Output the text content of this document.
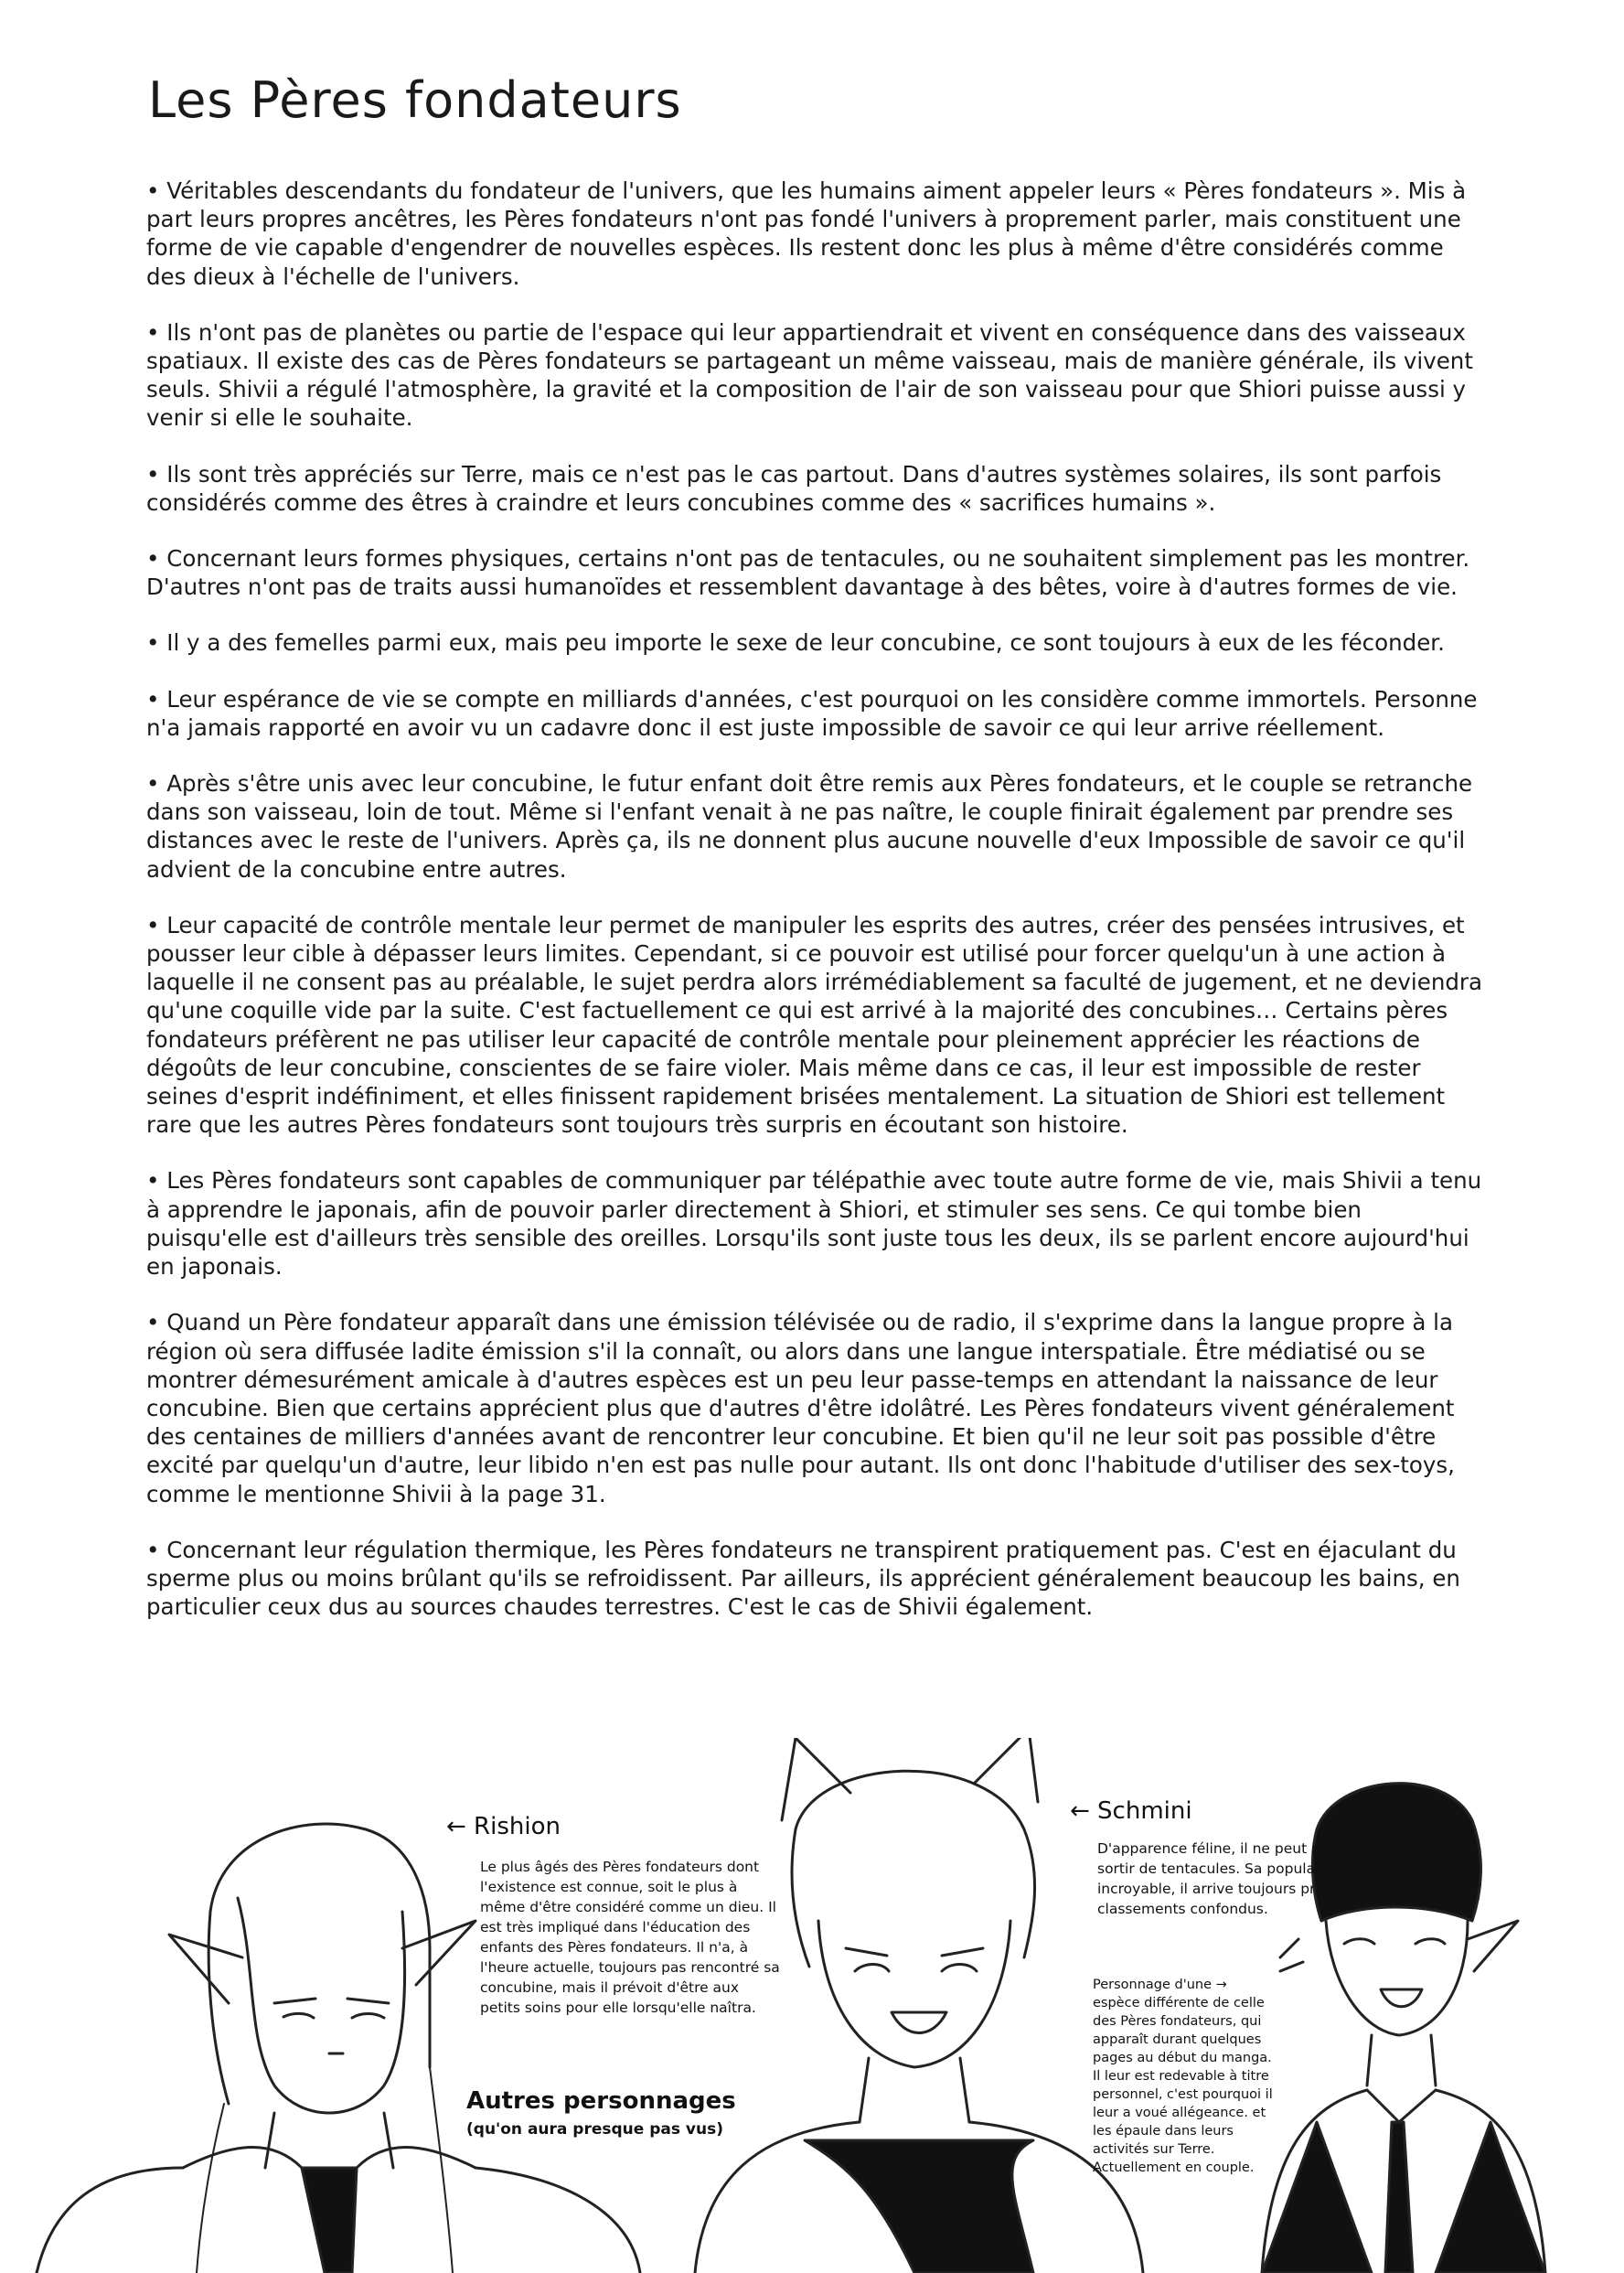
Les Pères fondateurs

• Véritables descendants du fondateur de l'univers, que les humains aiment appeler leurs « Pères fondateurs ». Mis à part leurs propres ancêtres, les Pères fondateurs n'ont pas fondé l'univers à proprement parler, mais constituent une forme de vie capable d'engendrer de nouvelles espèces. Ils restent donc les plus à même d'être considérés comme des dieux à l'échelle de l'univers.

• Ils n'ont pas de planètes ou partie de l'espace qui leur appartiendrait et vivent en conséquence dans des vaisseaux spatiaux. Il existe des cas de Pères fondateurs se partageant un même vaisseau, mais de manière générale, ils vivent seuls. Shivii a régulé l'atmosphère, la gravité et la composition de l'air de son vaisseau pour que Shiori puisse aussi y venir si elle le souhaite.

• Ils sont très appréciés sur Terre, mais ce n'est pas le cas partout. Dans d'autres systèmes solaires, ils sont parfois considérés comme des êtres à craindre et leurs concubines comme des « sacrifices humains ».

• Concernant leurs formes physiques, certains n'ont pas de tentacules, ou ne souhaitent simplement pas les montrer. D'autres n'ont pas de traits aussi humanoïdes et ressemblent davantage à des bêtes, voire à d'autres formes de vie.

• Il y a des femelles parmi eux, mais peu importe le sexe de leur concubine, ce sont toujours à eux de les féconder.

• Leur espérance de vie se compte en milliards d'années, c'est pourquoi on les considère comme immortels. Personne n'a jamais rapporté en avoir vu un cadavre donc il est juste impossible de savoir ce qui leur arrive réellement.

• Après s'être unis avec leur concubine, le futur enfant doit être remis aux Pères fondateurs, et le couple se retranche dans son vaisseau, loin de tout. Même si l'enfant venait à ne pas naître, le couple finirait également par prendre ses distances avec le reste de l'univers. Après ça, ils ne donnent plus aucune nouvelle d'eux Impossible de savoir ce qu'il advient de la concubine entre autres.

• Leur capacité de contrôle mentale leur permet de manipuler les esprits des autres, créer des pensées intrusives, et pousser leur cible à dépasser leurs limites. Cependant, si ce pouvoir est utilisé pour forcer quelqu'un à une action à laquelle il ne consent pas au préalable, le sujet perdra alors irrémédiablement sa faculté de jugement, et ne deviendra qu'une coquille vide par la suite. C'est factuellement ce qui est arrivé à la majorité des concubines… Certains pères fondateurs préfèrent ne pas utiliser leur capacité de contrôle mentale pour pleinement apprécier les réactions de dégoûts de leur concubine, conscientes de se faire violer. Mais même dans ce cas, il leur est impossible de rester seines d'esprit indéfiniment, et elles finissent rapidement brisées mentalement. La situation de Shiori est tellement rare que les autres Pères fondateurs sont toujours très surpris en écoutant son histoire.

• Les Pères fondateurs sont capables de communiquer par télépathie avec toute autre forme de vie, mais Shivii a tenu à apprendre le japonais, afin de pouvoir parler directement à Shiori, et stimuler ses sens. Ce qui tombe bien puisqu'elle est d'ailleurs très sensible des oreilles. Lorsqu'ils sont juste tous les deux, ils se parlent encore aujourd'hui en japonais.

• Quand un Père fondateur apparaît dans une émission télévisée ou de radio, il s'exprime dans la langue propre à la région où sera diffusée ladite émission s'il la connaît, ou alors dans une langue interspatiale. Être médiatisé ou se montrer démesurément amicale à d'autres espèces est un peu leur passe-temps en attendant la naissance de leur concubine. Bien que certains apprécient plus que d'autres d'être idolâtré. Les Pères fondateurs vivent généralement des centaines de milliers d'années avant de rencontrer leur concubine. Et bien qu'il ne leur soit pas possible d'être excité par quelqu'un d'autre, leur libido n'en est pas nulle pour autant. Ils ont donc l'habitude d'utiliser des sex-toys, comme le mentionne Shivii à la page 31.

• Concernant leur régulation thermique, les Pères fondateurs ne transpirent pratiquement pas. C'est en éjaculant du sperme plus ou moins brûlant qu'ils se refroidissent. Par ailleurs, ils apprécient généralement beaucoup les bains, en particulier ceux dus au sources chaudes terrestres. C'est le cas de Shivii également.

← Rishion
Le plus âgés des Pères fondateurs dont l'existence est connue, soit le plus à même d'être considéré comme un dieu. Il est très impliqué dans l'éducation des enfants des Pères fondateurs. Il n'a, à l'heure actuelle, toujours pas rencontré sa concubine, mais il prévoit d'être aux petits soins pour elle lorsqu'elle naîtra.
← Schmini
D'apparence féline, il ne peut pratiquement pas sortir de tentacules. Sa popularité sur Terre est incroyable, il arrive toujours premier tous classements confondus.
Personnage d'une → espèce différente de celle des Pères fondateurs, qui apparaît durant quelques pages au début du manga. Il leur est redevable à titre personnel, c'est pourquoi il leur a voué allégeance. et les épaule dans leurs activités sur Terre. Actuellement en couple.
Autres personnages
(qu'on aura presque pas vus)
